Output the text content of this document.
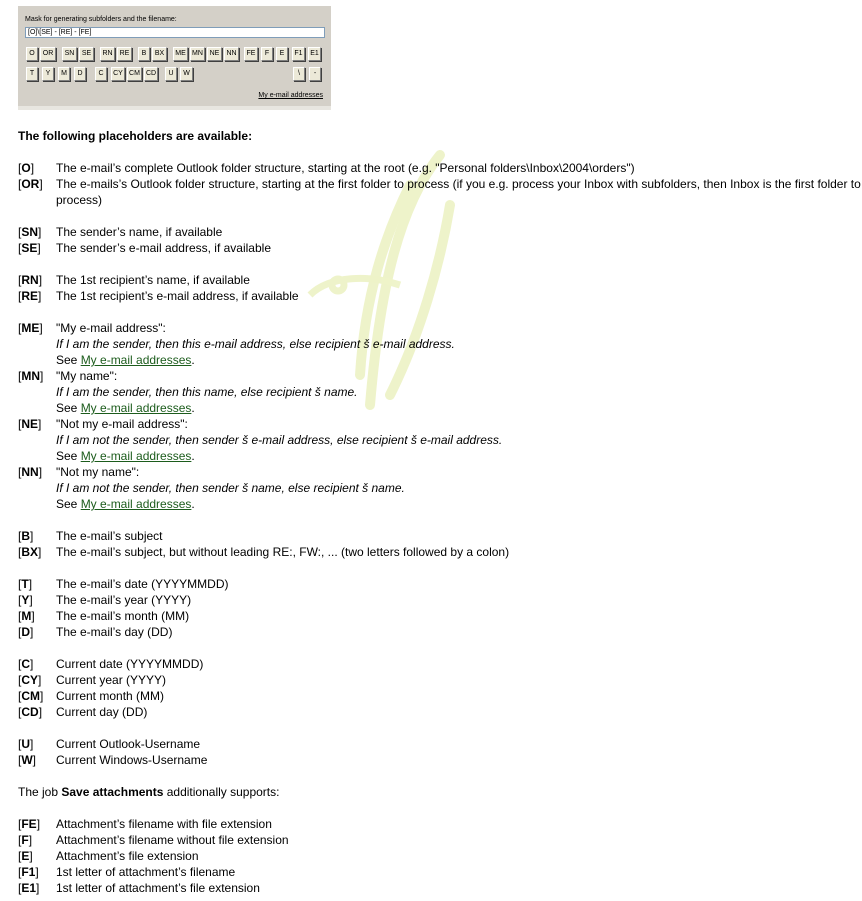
Mask for generating subfolders and the filename:
[O]\[SE] - [RE] - [FE]
O	OR	SN	SE	RN	RE	B	BX	ME MN NE	NN	FE	F	E	F1	E1
T	Y	M	D	C	CY CM CD	U	W	\	-
My e-mail addresses
The following placeholders are available:
[O]	The e-mail’s complete Outlook folder structure, starting at the root (e.g. "Personal folders\Inbox\2004\orders")
[OR]	The e-mails’s Outlook folder structure, starting at the first folder to process (if you e.g. process your Inbox with subfolders, then Inbox is the first folder to process)
[SN]	The sender’s name, if available
[SE]	The sender’s e-mail address, if available
[RN]	The 1st recipient’s name, if available
[RE]	The 1st recipient’s e-mail address, if available
[ME]	"My e-mail address":
If I am the sender, then this e-mail address, else recipient š e-mail address.
See My e-mail addresses.
[MN]	"My name":
If I am the sender, then this name, else recipient š name.
See My e-mail addresses.
[NE]	"Not my e-mail address":
If I am not the sender, then sender š e-mail address, else recipient š e-mail address.
See My e-mail addresses.
[NN]	"Not my name":
If I am not the sender, then sender š name, else recipient š name.
See My e-mail addresses.
[B]	The e-mail’s subject
[BX]	The e-mail’s subject, but without leading RE:, FW:, ... (two letters followed by a colon)
[T]	The e-mail’s date (YYYYMMDD)
[Y]	The e-mail’s year (YYYY)
[M]	The e-mail’s month (MM)
[D]	The e-mail’s day (DD)
[C]	Current date (YYYYMMDD)
[CY]	Current year (YYYY)
[CM]	Current month (MM)
[CD]	Current day (DD)
[U]	Current Outlook-Username
[W]	Current Windows-Username
The job Save attachments additionally supports:
[FE]	Attachment’s filename with file extension
[F]	Attachment’s filename without file extension
[E]	Attachment’s file extension
[F1]	1st letter of attachment’s filename
[E1]	1st letter of attachment’s file extension
